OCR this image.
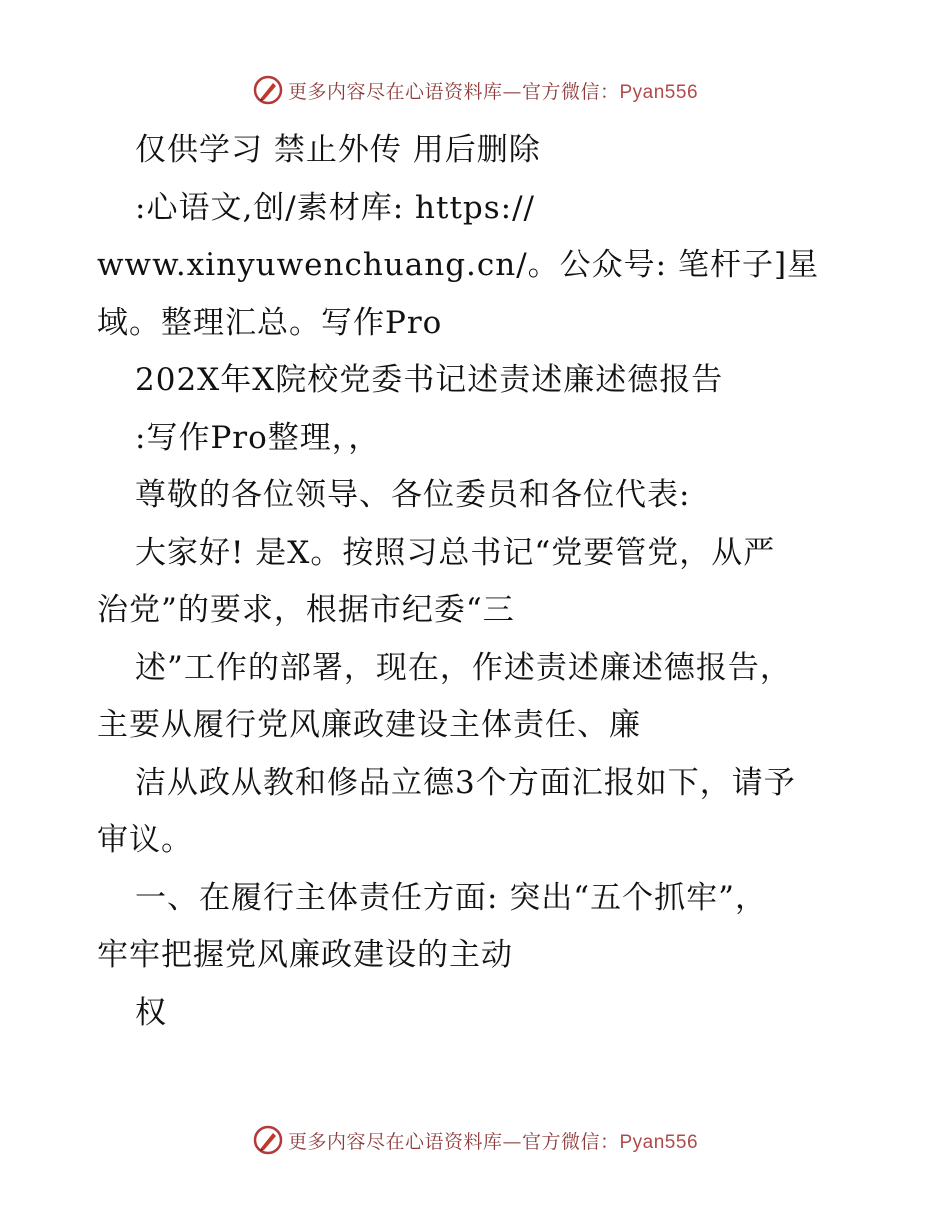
更多内容尽在心语资料库—官方微信：Pyan556
仅供学习 禁止外传 用后删除
:心语文,创/素材库: https://
www.xinyuwenchuang.cn/。公众号: 笔杆子]星
域。整理汇总。写作Pro
202X年X院校党委书记述责述廉述德报告
:写作Pro整理，，
尊敬的各位领导、各位委员和各位代表:
大家好! 是X。按照习总书记“党要管党，从严
治党”的要求，根据市纪委“三
述”工作的部署，现在，作述责述廉述德报告，
主要从履行党风廉政建设主体责任、廉
洁从政从教和修品立德3个方面汇报如下，请予
审议。
一、在履行主体责任方面: 突出“五个抓牢”，
牢牢把握党风廉政建设的主动
权
更多内容尽在心语资料库—官方微信：Pyan556
